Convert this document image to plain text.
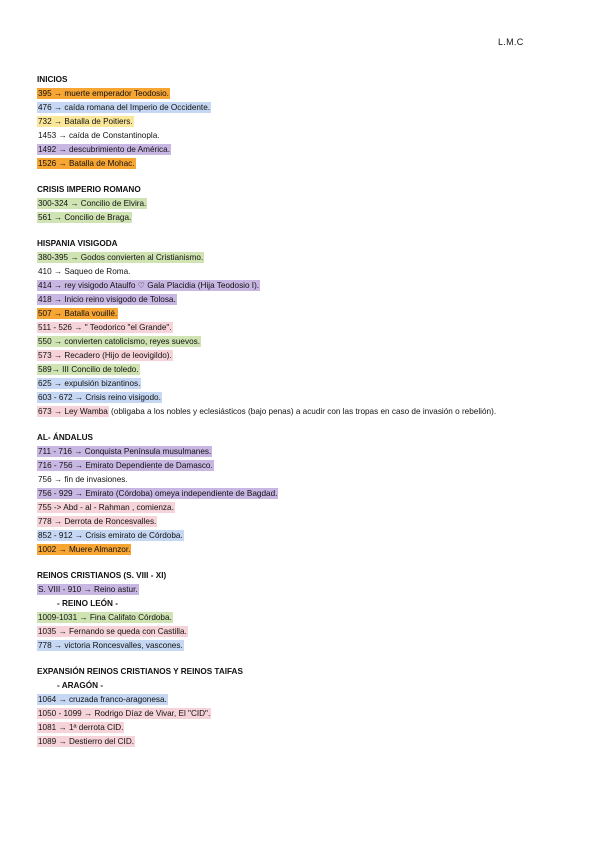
L.M.C
INICIOS
395 → muerte emperador Teodosio.
476 → caída romana del Imperio de Occidente.
732 → Batalla de Poitiers.
1453 → caída de Constantinopla.
1492 → descubrimiento de América.
1526 → Batalla de Mohac.
CRISIS IMPERIO ROMANO
300-324 → Concilio de Elvira.
561 → Concilio de Braga.
HISPANIA VISIGODA
380-395 → Godos convierten al Cristianismo.
410 → Saqueo de Roma.
414 → rey visigodo Ataulfo ♡ Gala Placidia (Hija Teodosio I).
418 → Inicio reino visigodo de Tolosa.
507 → Batalla vouillé.
511 - 526 → " Teodorico "el Grande".
550 → convierten catolicismo, reyes suevos.
573 → Recadero (Hijo de leovigildo).
589→ III Concilio de toledo.
625 → expulsión bizantinos.
603 - 672 → Crisis reino visigodo.
673 → Ley Wamba (obligaba a los nobles y eclesiásticos (bajo penas) a acudir con las tropas en caso de invasión o rebelión).
AL- ÁNDALUS
711 - 716 → Conquista Península musulmanes.
716 - 756 → Emirato Dependiente de Damasco.
756 → fin de invasiones.
756 - 929 → Emirato (Córdoba) omeya independiente de Bagdad.
755 -> Abd - al - Rahman , comienza.
778 → Derrota de Roncesvalles.
852 - 912 → Crisis emirato de Córdoba.
1002 → Muere Almanzor.
REINOS CRISTIANOS (S. VIII - XI)
S. VIII - 910 → Reino astur.
- REINO LEÓN -
1009-1031 → Fina Califato Córdoba.
1035 → Fernando se queda con Castilla.
778 → victoria Roncesvalles, vascones.
EXPANSIÓN REINOS CRISTIANOS Y REINOS TAIFAS
- ARAGÓN -
1064 → cruzada franco-aragonesa.
1050 - 1099 → Rodrigo Díaz de Vivar, El "CID".
1081 → 1ª derrota CID.
1089 → Destierro del CID.
